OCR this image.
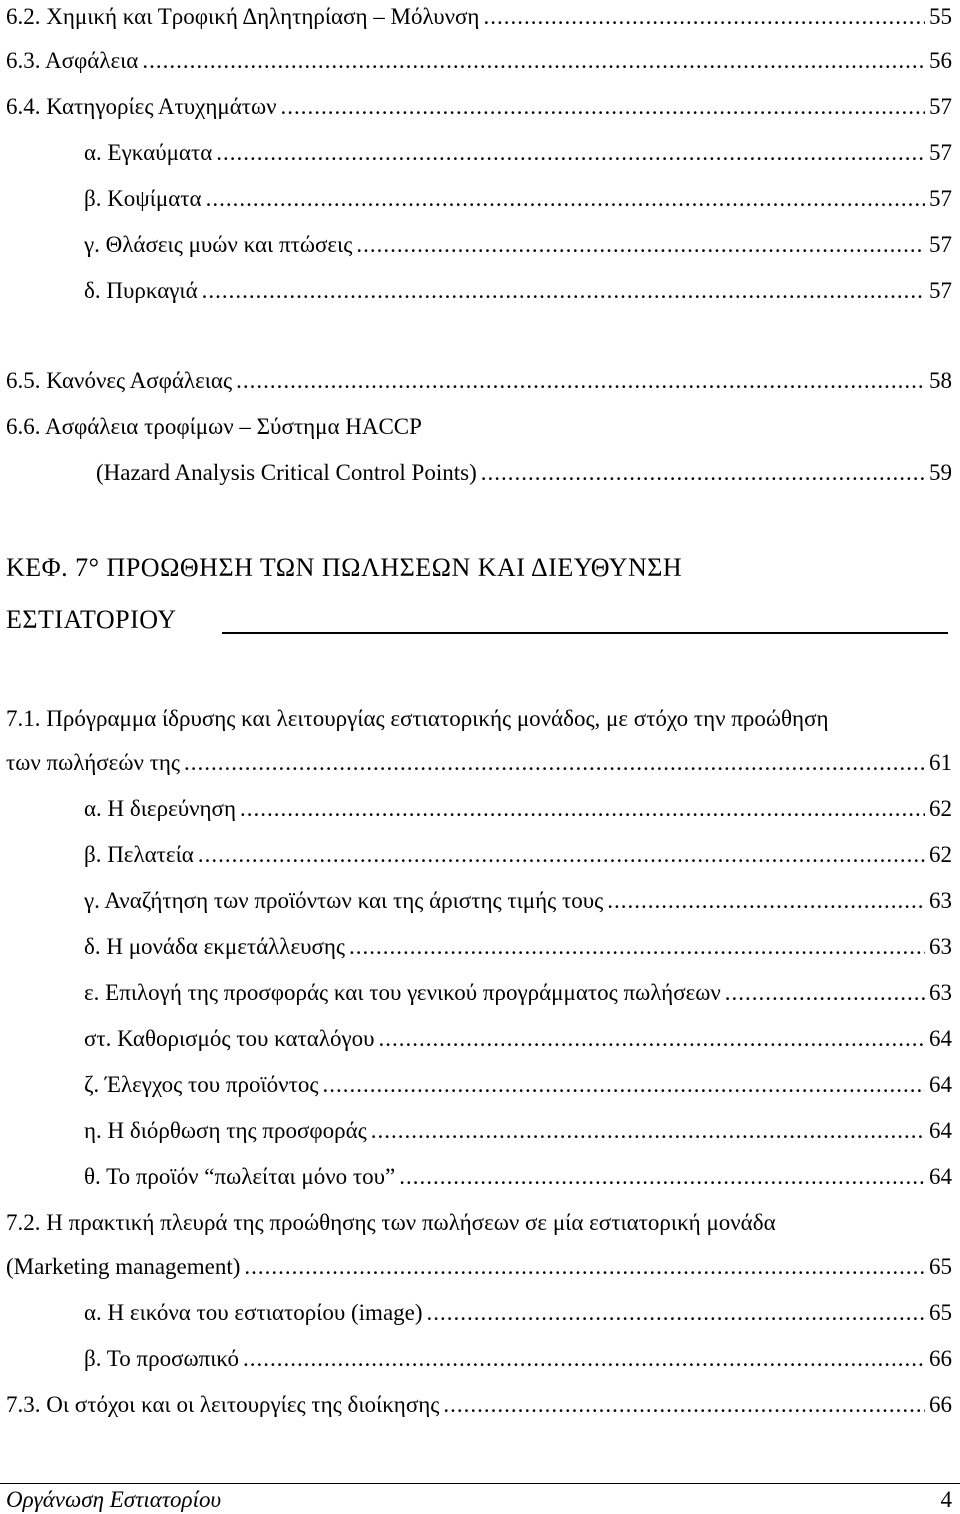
6.2. Χημική και Τροφική Δηλητηρίαση – Μόλυνση .....	55
6.3. Ασφάλεια .....	56
6.4. Κατηγορίες Ατυχημάτων .....	57
α. Εγκαύματα .....	57
β. Κοψίματα .....	57
γ. Θλάσεις μυών και πτώσεις .....	57
δ. Πυρκαγιά .....	57
6.5. Κανόνες Ασφάλειας .....	58
6.6. Ασφάλεια τροφίμων – Σύστημα HACCP
(Hazard Analysis Critical Control Points) .....	59
ΚΕΦ. 7° ΠΡΟΩΘΗΣΗ ΤΩΝ ΠΩΛΗΣΕΩΝ ΚΑΙ ΔΙΕΥΘΥΝΣΗ
ΕΣΤΙΑΤΟΡΙΟΥ
7.1. Πρόγραμμα ίδρυσης και λειτουργίας εστιατορικής μονάδος, με στόχο την προώθηση
των πωλήσεών της .....	61
α. Η διερεύνηση .....	62
β. Πελατεία .....	62
γ. Αναζήτηση των προϊόντων και της άριστης τιμής τους .....	63
δ. Η μονάδα εκμετάλλευσης .....	63
ε. Επιλογή της προσφοράς και του γενικού προγράμματος πωλήσεων .....	63
στ. Καθορισμός του καταλόγου .....	64
ζ. Έλεγχος του προϊόντος .....	64
η. Η διόρθωση της προσφοράς .....	64
θ. Το προϊόν “πωλείται μόνο του” .....	64
7.2. Η πρακτική πλευρά της προώθησης των πωλήσεων σε μία εστιατορική μονάδα
(Marketing management) .....	65
α. Η εικόνα του εστιατορίου (image) .....	65
β. Το προσωπικό .....	66
7.3. Οι στόχοι και οι λειτουργίες της διοίκησης .....	66
Οργάνωση Εστιατορίου	4
